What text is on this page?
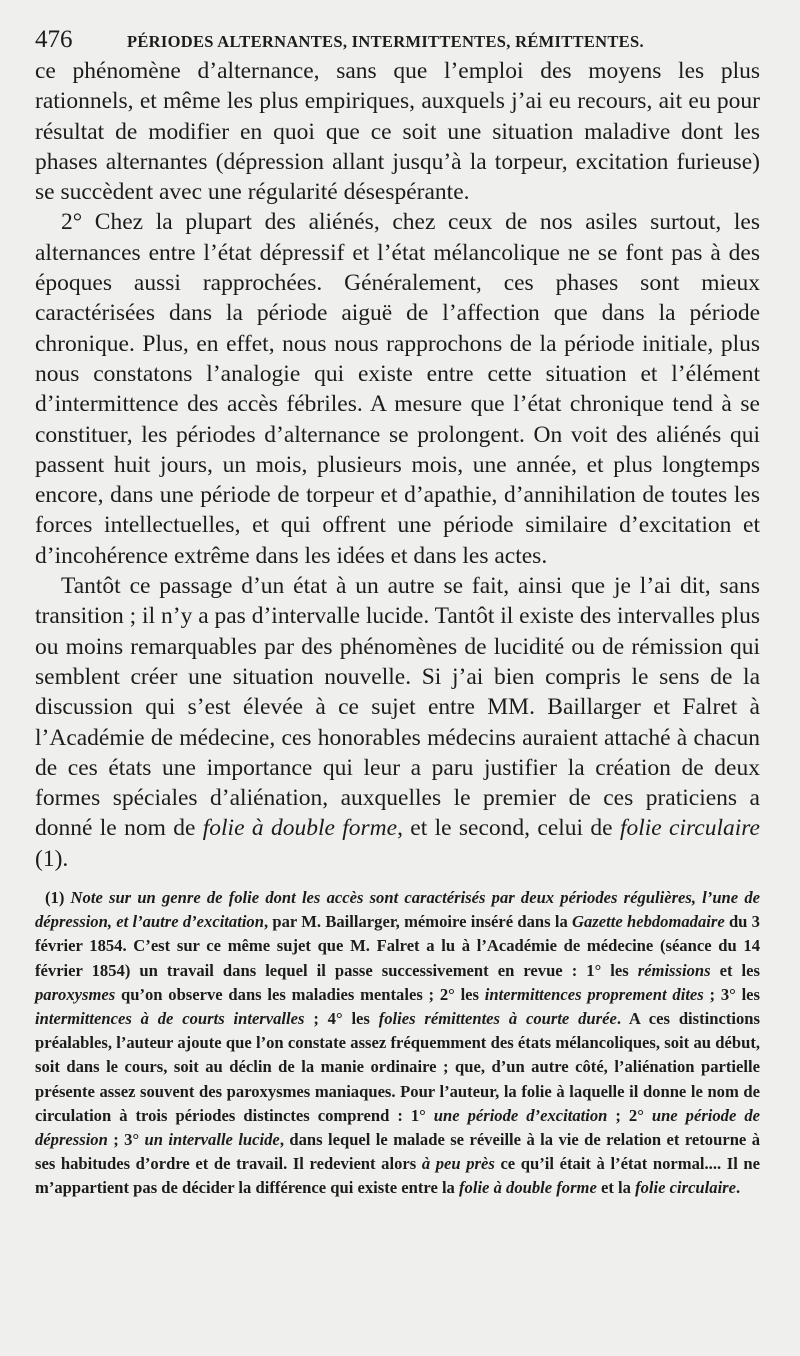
476	PÉRIODES ALTERNANTES, INTERMITTENTES, RÉMITTENTES.

ce phénomène d’alternance, sans que l’emploi des moyens les plus rationnels, et même les plus empiriques, auxquels j’ai eu recours, ait eu pour résultat de modifier en quoi que ce soit une situation maladive dont les phases alternantes (dépression allant jusqu’à la torpeur, excitation furieuse) se succèdent avec une régularité désespérante.

2° Chez la plupart des aliénés, chez ceux de nos asiles surtout, les alternances entre l’état dépressif et l’état mélancolique ne se font pas à des époques aussi rapprochées. Généralement, ces phases sont mieux caractérisées dans la période aiguë de l’affection que dans la période chronique. Plus, en effet, nous nous rapprochons de la période initiale, plus nous constatons l’analogie qui existe entre cette situation et l’élément d’intermittence des accès fébriles. A mesure que l’état chronique tend à se constituer, les périodes d’alternance se prolongent. On voit des aliénés qui passent huit jours, un mois, plusieurs mois, une année, et plus longtemps encore, dans une période de torpeur et d’apathie, d’annihilation de toutes les forces intellectuelles, et qui offrent une période similaire d’excitation et d’incohérence extrême dans les idées et dans les actes.

Tantôt ce passage d’un état à un autre se fait, ainsi que je l’ai dit, sans transition ; il n’y a pas d’intervalle lucide. Tantôt il existe des intervalles plus ou moins remarquables par des phénomènes de lucidité ou de rémission qui semblent créer une situation nouvelle. Si j’ai bien compris le sens de la discussion qui s’est élevée à ce sujet entre MM. Baillarger et Falret à l’Académie de médecine, ces honorables médecins auraient attaché à chacun de ces états une importance qui leur a paru justifier la création de deux formes spéciales d’aliénation, auxquelles le premier de ces praticiens a donné le nom de folie à double forme, et le second, celui de folie circulaire (1).

(1) Note sur un genre de folie dont les accès sont caractérisés par deux périodes régulières, l’une de dépression, et l’autre d’excitation, par M. Baillarger, mémoire inséré dans la Gazette hebdomadaire du 3 février 1854. C’est sur ce même sujet que M. Falret a lu à l’Académie de médecine (séance du 14 février 1854) un travail dans lequel il passe successivement en revue : 1° les rémissions et les paroxysmes qu’on observe dans les maladies mentales ; 2° les intermittences proprement dites ; 3° les intermittences à de courts intervalles ; 4° les folies rémittentes à courte durée. A ces distinctions préalables, l’auteur ajoute que l’on constate assez fréquemment des états mélancoliques, soit au début, soit dans le cours, soit au déclin de la manie ordinaire ; que, d’un autre côté, l’aliénation partielle présente assez souvent des paroxysmes maniaques. Pour l’auteur, la folie à laquelle il donne le nom de circulation à trois périodes distinctes comprend : 1° une période d’excitation ; 2° une période de dépression ; 3° un intervalle lucide, dans lequel le malade se réveille à la vie de relation et retourne à ses habitudes d’ordre et de travail. Il redevient alors à peu près ce qu’il était à l’état normal.... Il ne m’appartient pas de décider la différence qui existe entre la folie à double forme et la folie circulaire.
